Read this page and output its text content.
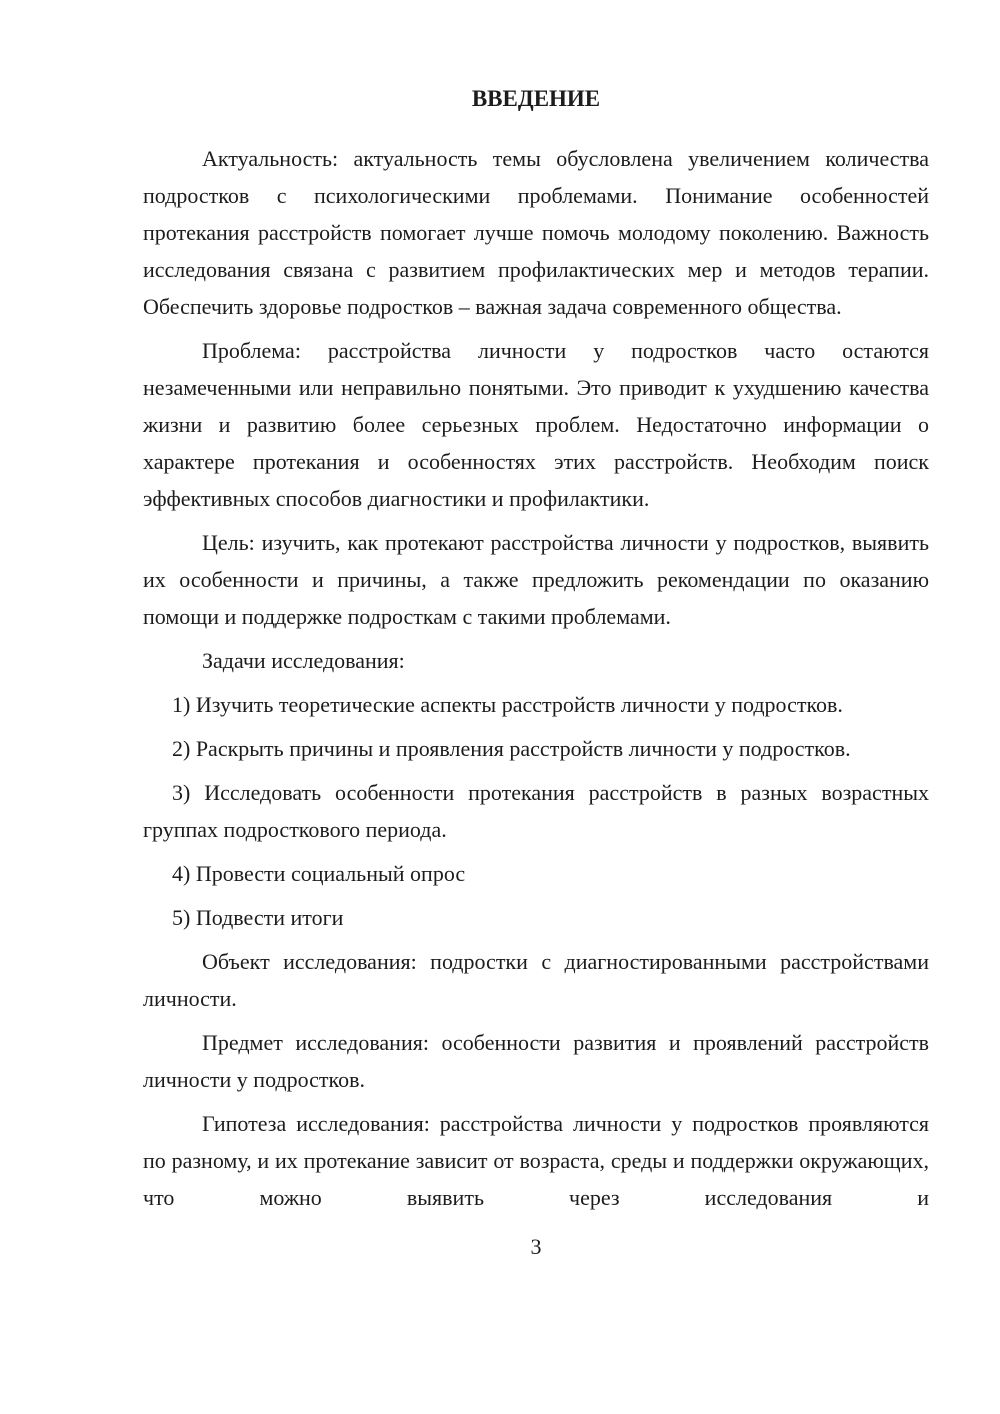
ВВЕДЕНИЕ

Актуальность: актуальность темы обусловлена увеличением количества подростков с психологическими проблемами. Понимание особенностей протекания расстройств помогает лучше помочь молодому поколению. Важность исследования связана с развитием профилактических мер и методов терапии. Обеспечить здоровье подростков – важная задача современного общества.

Проблема: расстройства личности у подростков часто остаются незамеченными или неправильно понятыми. Это приводит к ухудшению качества жизни и развитию более серьезных проблем. Недостаточно информации о характере протекания и особенностях этих расстройств. Необходим поиск эффективных способов диагностики и профилактики.

Цель: изучить, как протекают расстройства личности у подростков, выявить их особенности и причины, а также предложить рекомендации по оказанию помощи и поддержке подросткам с такими проблемами.

Задачи исследования:

1) Изучить теоретические аспекты расстройств личности у подростков.

2) Раскрыть причины и проявления расстройств личности у подростков.

3) Исследовать особенности протекания расстройств в разных возрастных группах подросткового периода.

4) Провести социальный опрос

5) Подвести итоги

Объект исследования: подростки с диагностированными расстройствами личности.

Предмет исследования: особенности развития и проявлений расстройств личности у подростков.

Гипотеза исследования: расстройства личности у подростков проявляются по разному, и их протекание зависит от возраста, среды и поддержки окружающих, что можно выявить через исследования и

3
